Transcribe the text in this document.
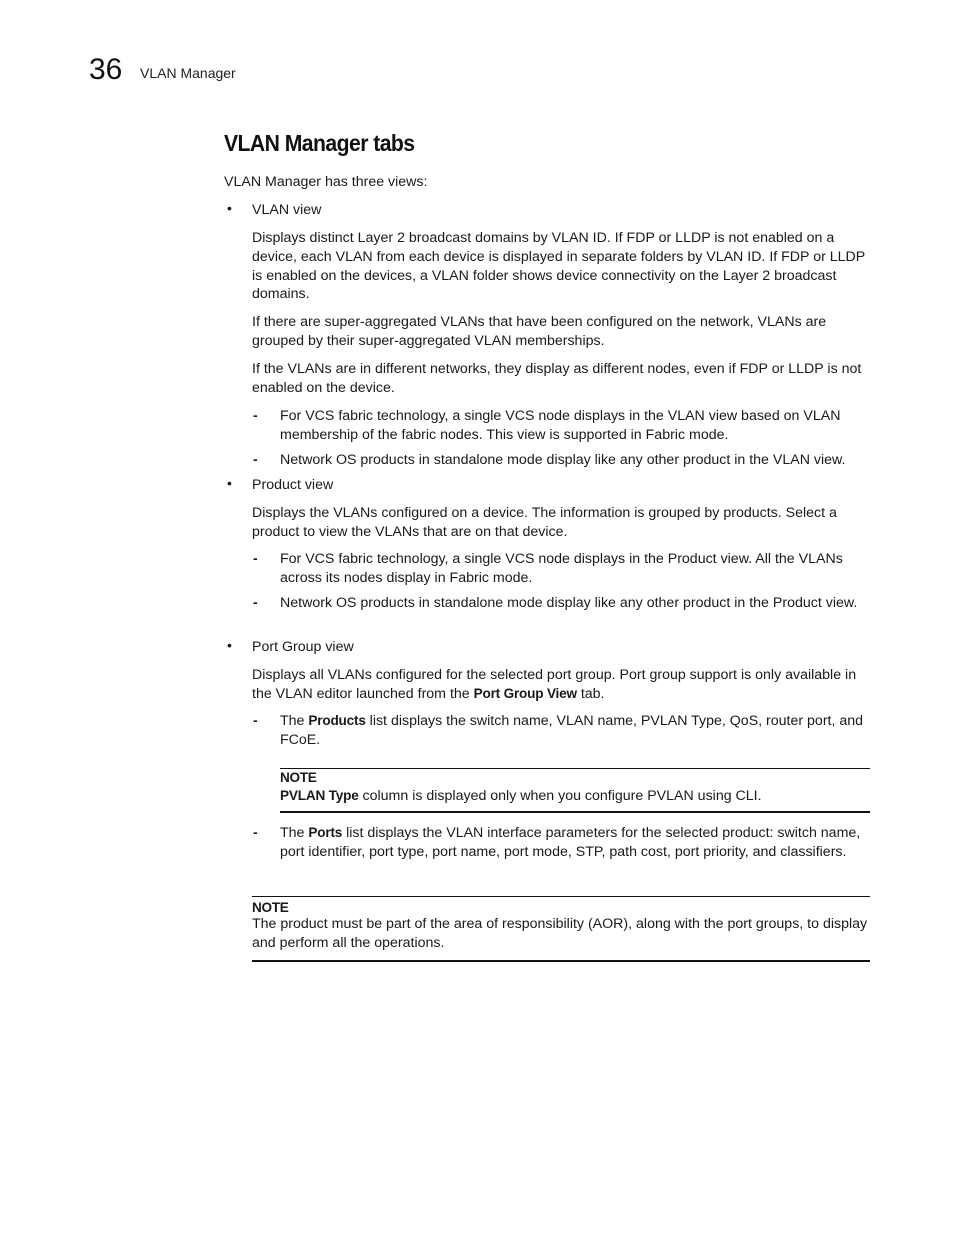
36 VLAN Manager
VLAN Manager tabs

VLAN Manager has three views:

• VLAN view

Displays distinct Layer 2 broadcast domains by VLAN ID. If FDP or LLDP is not enabled on a device, each VLAN from each device is displayed in separate folders by VLAN ID. If FDP or LLDP is enabled on the devices, a VLAN folder shows device connectivity on the Layer 2 broadcast domains.

If there are super-aggregated VLANs that have been configured on the network, VLANs are grouped by their super-aggregated VLAN memberships.

If the VLANs are in different networks, they display as different nodes, even if FDP or LLDP is not enabled on the device.

- For VCS fabric technology, a single VCS node displays in the VLAN view based on VLAN membership of the fabric nodes. This view is supported in Fabric mode.

- Network OS products in standalone mode display like any other product in the VLAN view.

• Product view

Displays the VLANs configured on a device. The information is grouped by products. Select a product to view the VLANs that are on that device.

- For VCS fabric technology, a single VCS node displays in the Product view. All the VLANs across its nodes display in Fabric mode.

- Network OS products in standalone mode display like any other product in the Product view.

• Port Group view

Displays all VLANs configured for the selected port group. Port group support is only available in the VLAN editor launched from the Port Group View tab.

- The Products list displays the switch name, VLAN name, PVLAN Type, QoS, router port, and FCoE.

NOTE
PVLAN Type column is displayed only when you configure PVLAN using CLI.
- The Ports list displays the VLAN interface parameters for the selected product: switch name, port identifier, port type, port name, port mode, STP, path cost, port priority, and classifiers.

NOTE
The product must be part of the area of responsibility (AOR), along with the port groups, to display and perform all the operations.
